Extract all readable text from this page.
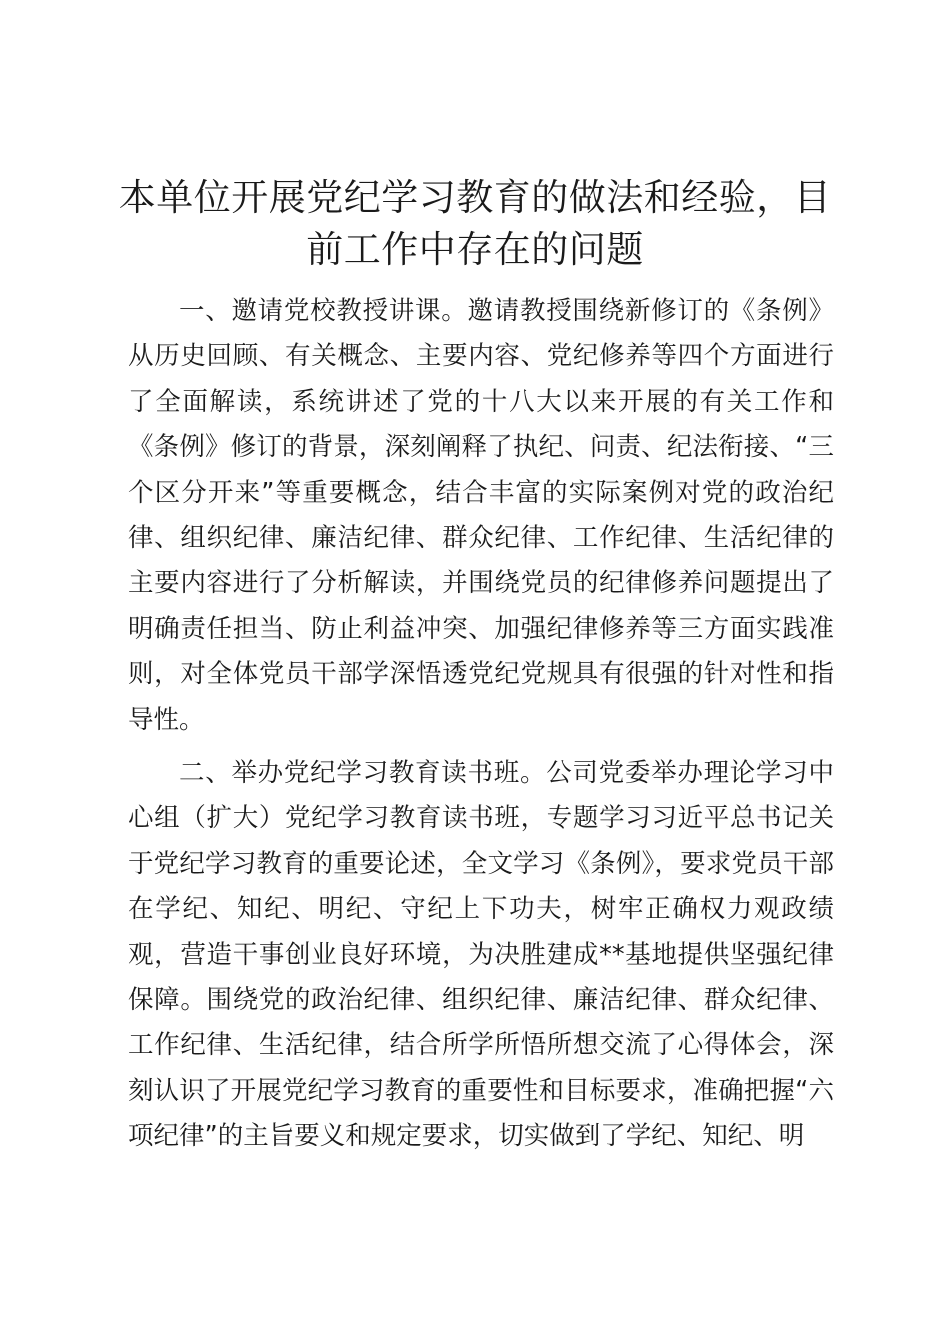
本单位开展党纪学习教育的做法和经验，目前工作中存在的问题

一、邀请党校教授讲课。邀请教授围绕新修订的《条例》从历史回顾、有关概念、主要内容、党纪修养等四个方面进行了全面解读，系统讲述了党的十八大以来开展的有关工作和《条例》修订的背景，深刻阐释了执纪、问责、纪法衔接、“三个区分开来”等重要概念，结合丰富的实际案例对党的政治纪律、组织纪律、廉洁纪律、群众纪律、工作纪律、生活纪律的主要内容进行了分析解读，并围绕党员的纪律修养问题提出了明确责任担当、防止利益冲突、加强纪律修养等三方面实践准则，对全体党员干部学深悟透党纪党规具有很强的针对性和指导性。

二、举办党纪学习教育读书班。公司党委举办理论学习中心组（扩大）党纪学习教育读书班，专题学习习近平总书记关于党纪学习教育的重要论述，全文学习《条例》，要求党员干部在学纪、知纪、明纪、守纪上下功夫，树牢正确权力观政绩观，营造干事创业良好环境，为决胜建成**基地提供坚强纪律保障。围绕党的政治纪律、组织纪律、廉洁纪律、群众纪律、工作纪律、生活纪律，结合所学所悟所想交流了心得体会，深刻认识了开展党纪学习教育的重要性和目标要求，准确把握“六项纪律”的主旨要义和规定要求，切实做到了学纪、知纪、明
